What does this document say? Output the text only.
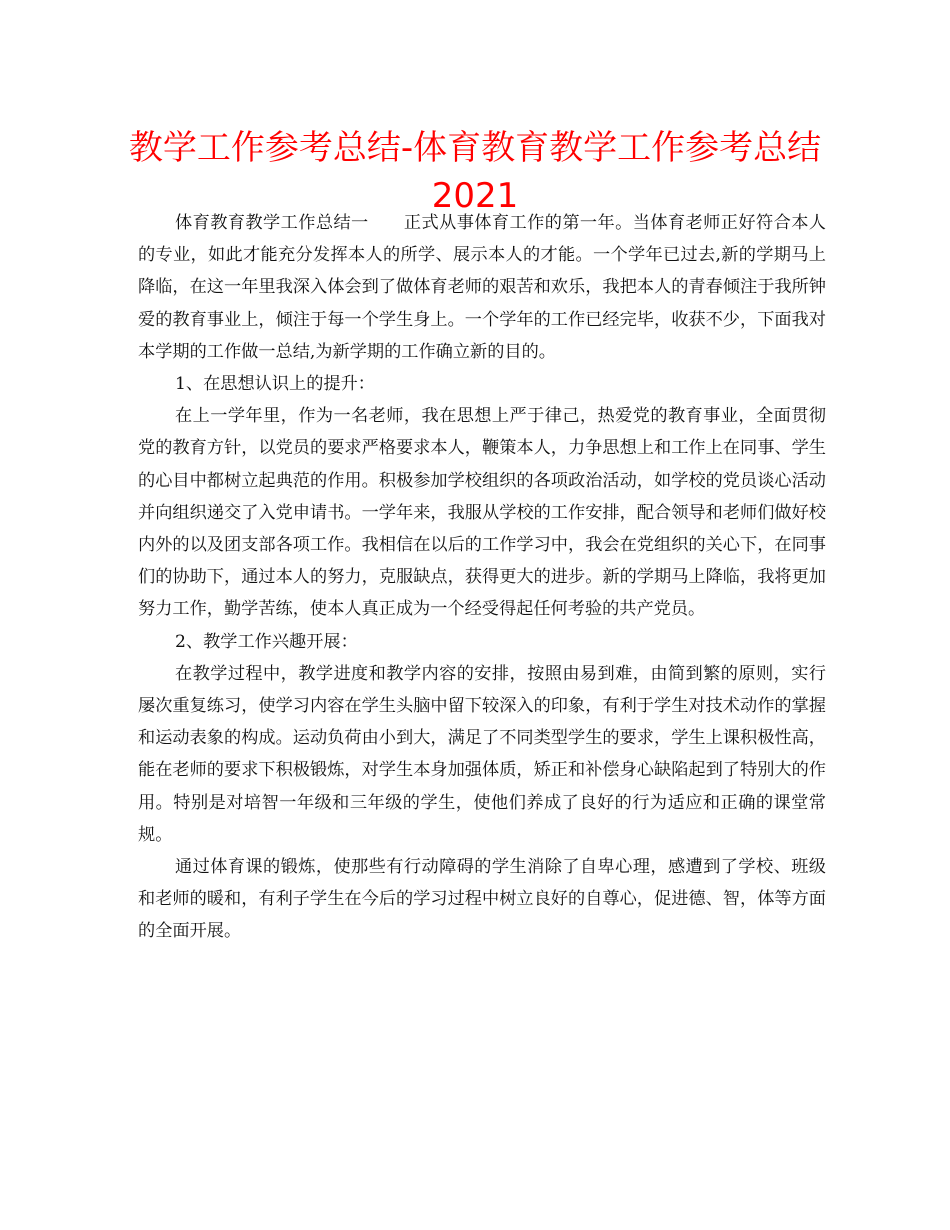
教学工作参考总结-体育教育教学工作参考总结2021

体育教育教学工作总结一　　正式从事体育工作的第一年。当体育老师正好符合本人的专业，如此才能充分发挥本人的所学、展示本人的才能。一个学年已过去,新的学期马上降临，在这一年里我深入体会到了做体育老师的艰苦和欢乐，我把本人的青春倾注于我所钟爱的教育事业上，倾注于每一个学生身上。一个学年的工作已经完毕，收获不少，下面我对本学期的工作做一总结,为新学期的工作确立新的目的。

1、在思想认识上的提升：

在上一学年里，作为一名老师，我在思想上严于律己，热爱党的教育事业，全面贯彻党的教育方针，以党员的要求严格要求本人，鞭策本人，力争思想上和工作上在同事、学生的心目中都树立起典范的作用。积极参加学校组织的各项政治活动，如学校的党员谈心活动并向组织递交了入党申请书。一学年来，我服从学校的工作安排，配合领导和老师们做好校内外的以及团支部各项工作。我相信在以后的工作学习中，我会在党组织的关心下，在同事们的协助下，通过本人的努力，克服缺点，获得更大的进步。新的学期马上降临，我将更加努力工作，勤学苦练，使本人真正成为一个经受得起任何考验的共产党员。

2、教学工作兴趣开展：

在教学过程中，教学进度和教学内容的安排，按照由易到难，由简到繁的原则，实行屡次重复练习，使学习内容在学生头脑中留下较深入的印象，有利于学生对技术动作的掌握和运动表象的构成。运动负荷由小到大，满足了不同类型学生的要求，学生上课积极性高，能在老师的要求下积极锻炼，对学生本身加强体质，矫正和补偿身心缺陷起到了特别大的作用。特别是对培智一年级和三年级的学生，使他们养成了良好的行为适应和正确的课堂常规。

通过体育课的锻炼，使那些有行动障碍的学生消除了自卑心理，感遭到了学校、班级和老师的暖和，有利子学生在今后的学习过程中树立良好的自尊心，促进德、智，体等方面的全面开展。
